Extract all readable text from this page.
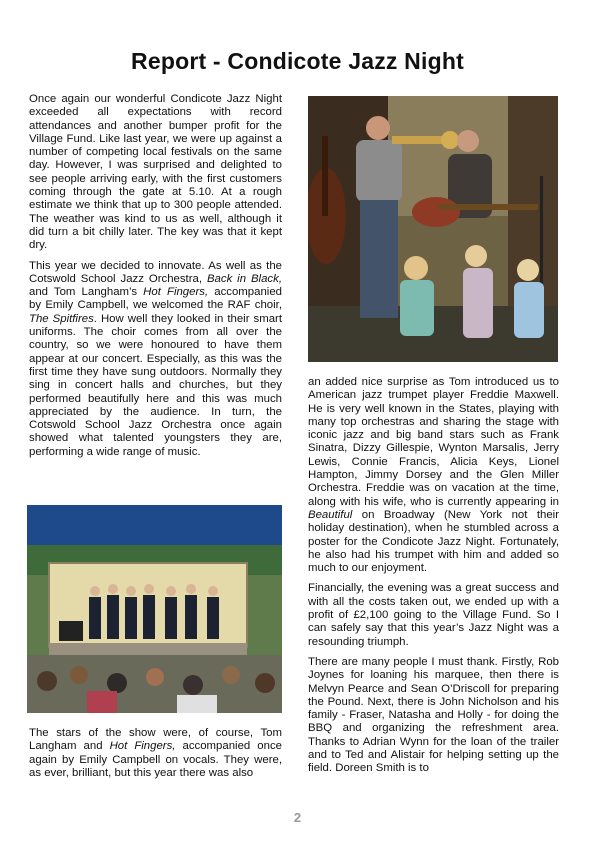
Report - Condicote Jazz Night

Once again our wonderful Condicote Jazz Night exceeded all expectations with record attendances and another bumper profit for the Village Fund. Like last year, we were up against a number of competing local festivals on the same day. However, I was surprised and delighted to see people arriving early, with the first customers coming through the gate at 5.10. At a rough estimate we think that up to 300 people attended. The weather was kind to us as well, although it did turn a bit chilly later. The key was that it kept dry.

This year we decided to innovate. As well as the Cotswold School Jazz Orchestra, Back in Black, and Tom Langham’s Hot Fingers, accompanied by Emily Campbell, we welcomed the RAF choir, The Spitfires. How well they looked in their smart uniforms. The choir comes from all over the country, so we were honoured to have them appear at our concert. Especially, as this was the first time they have sung outdoors. Normally they sing in concert halls and churches, but they performed beautifully here and this was much appreciated by the audience. In turn, the Cotswold School Jazz Orchestra once again showed what talented youngsters they are, performing a wide range of music.

The stars of the show were, of course, Tom Langham and Hot Fingers, accompanied once again by Emily Campbell on vocals. They were, as ever, brilliant, but this year there was also

an added nice surprise as Tom introduced us to American jazz trumpet player Freddie Maxwell. He is very well known in the States, playing with many top orchestras and sharing the stage with iconic jazz and big band stars such as Frank Sinatra, Dizzy Gillespie, Wynton Marsalis, Jerry Lewis, Connie Francis, Alicia Keys, Lionel Hampton, Jimmy Dorsey and the Glen Miller Orchestra. Freddie was on vacation at the time, along with his wife, who is currently appearing in Beautiful on Broadway (New York not their holiday destination), when he stumbled across a poster for the Condicote Jazz Night. Fortunately, he also had his trumpet with him and added so much to our enjoyment.

Financially, the evening was a great success and with all the costs taken out, we ended up with a profit of £2,100 going to the Village Fund. So I can safely say that this year’s Jazz Night was a resounding triumph.

There are many people I must thank. Firstly, Rob Joynes for loaning his marquee, then there is Melvyn Pearce and Sean O’Driscoll for preparing the Pound. Next, there is John Nicholson and his family - Fraser, Natasha and Holly - for doing the BBQ and organizing the refreshment area. Thanks to Adrian Wynn for the loan of the trailer and to Ted and Alistair for helping setting up the field. Doreen Smith is to

2
